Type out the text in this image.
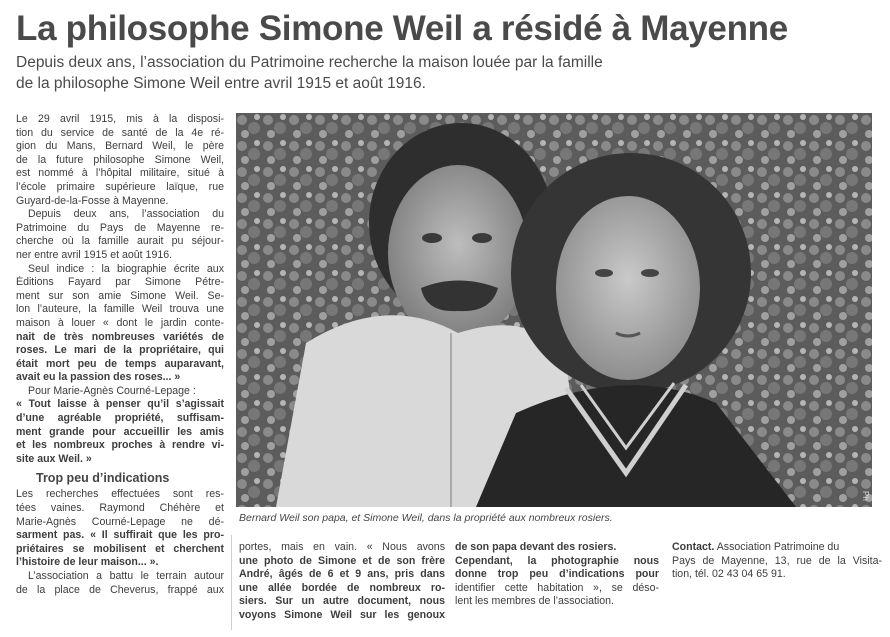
La philosophe Simone Weil a résidé à Mayenne
Depuis deux ans, l’association du Patrimoine recherche la maison louée par la famille
de la philosophe Simone Weil entre avril 1915 et août 1916.
Le 29 avril 1915, mis à la disposi-
tion du service de santé de la 4e ré-
gion du Mans, Bernard Weil, le père
de la future philosophe Simone Weil,
est nommé à l’hôpital militaire, situé à
l’école primaire supérieure laïque, rue
Guyard-de-la-Fosse à Mayenne.
Depuis deux ans, l’association du
Patrimoine du Pays de Mayenne re-
cherche où la famille aurait pu séjour-
ner entre avril 1915 et août 1916.
Seul indice : la biographie écrite aux
Éditions Fayard par Simone Pétre-
ment sur son amie Simone Weil. Se-
lon l’auteure, la famille Weil trouva une
maison à louer « dont le jardin conte-
nait de très nombreuses variétés de
roses. Le mari de la propriétaire, qui
était mort peu de temps auparavant,
avait eu la passion des roses... »
Pour Marie-Agnès Courné-Lepage :
« Tout laisse à penser qu’il s’agissait
d’une agréable propriété, suffisam-
ment grande pour accueillir les amis
et les nombreux proches à rendre vi-
site aux Weil. »
Trop peu d’indications
Les recherches effectuées sont res-
tées vaines. Raymond Chéhère et
Marie-Agnès Courné-Lepage ne dé-
sarment pas. « Il suffirait que les pro-
priétaires se mobilisent et cherchent
l’histoire de leur maison... ».
L’association a battu le terrain autour
de la place de Cheverus, frappé aux
Ph
Bernard Weil son papa, et Simone Weil, dans la propriété aux nombreux rosiers.
portes, mais en vain. « Nous avons
une photo de Simone et de son frère
André, âgés de 6 et 9 ans, pris dans
une allée bordée de nombreux ro-
siers. Sur un autre document, nous
voyons Simone Weil sur les genoux
de son papa devant des rosiers.
Cependant, la photographie nous
donne trop peu d’indications pour
identifier cette habitation », se déso-
lent les membres de l’association.
Contact. Association Patrimoine du
Pays de Mayenne, 13, rue de la Visita-
tion, tél. 02 43 04 65 91.
